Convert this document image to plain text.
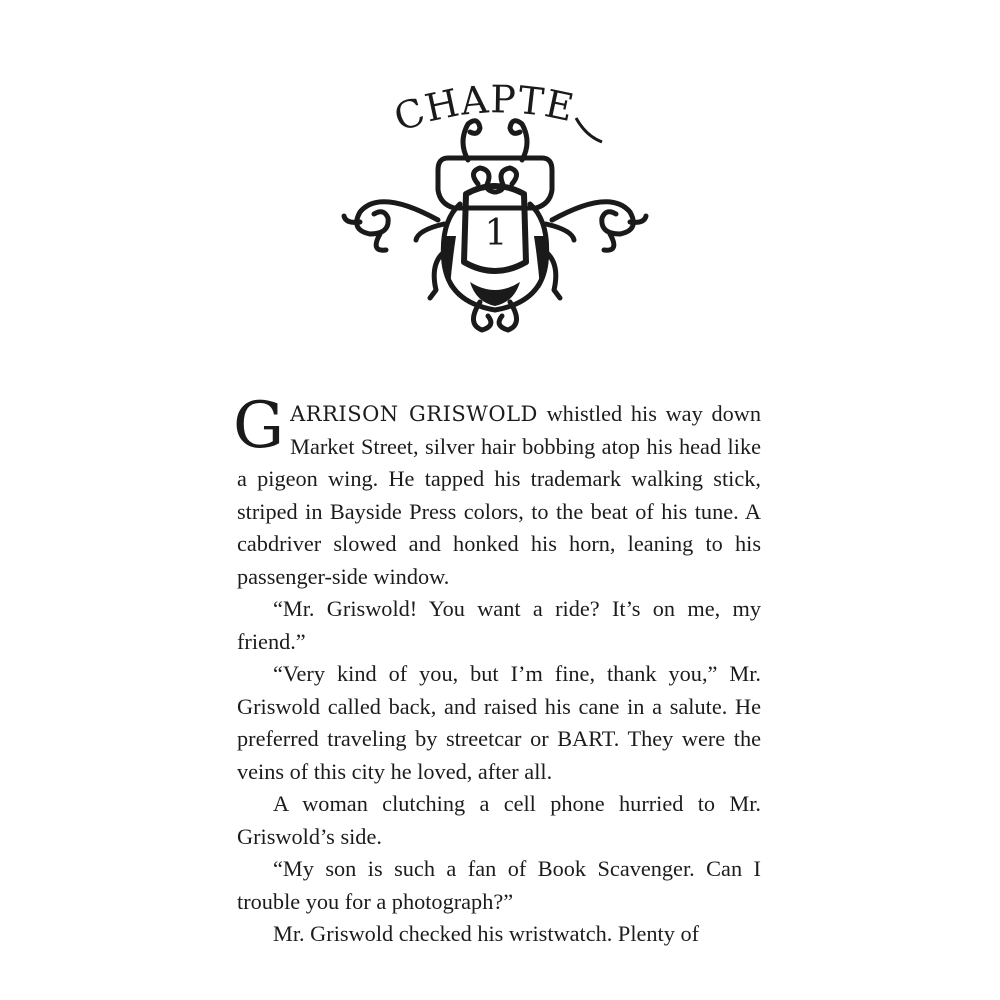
CHAPTER
1

GARRISON GRISWOLD whistled his way down Market Street, silver hair bobbing atop his head like a pigeon wing. He tapped his trademark walking stick, striped in Bayside Press colors, to the beat of his tune. A cabdriver slowed and honked his horn, leaning to his passenger-side window.

“Mr. Griswold! You want a ride? It’s on me, my friend.”

“Very kind of you, but I’m fine, thank you,” Mr. Griswold called back, and raised his cane in a salute. He preferred traveling by streetcar or BART. They were the veins of this city he loved, after all.

A woman clutching a cell phone hurried to Mr. Griswold’s side.

“My son is such a fan of Book Scavenger. Can I trouble you for a photograph?”

Mr. Griswold checked his wristwatch. Plenty of
